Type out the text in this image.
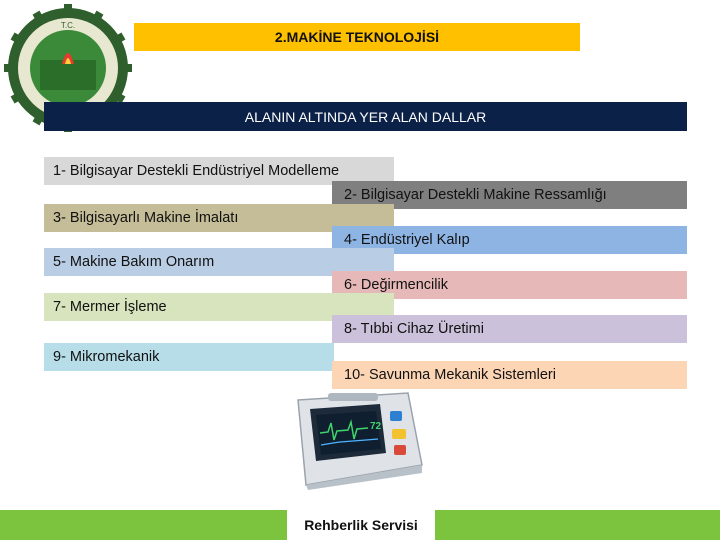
T.C.
2.MAKİNE TEKNOLOJİSİ
ALANIN ALTINDA YER ALAN DALLAR
1- Bilgisayar Destekli Endüstriyel Modelleme
2- Bilgisayar Destekli Makine Ressamlığı
3- Bilgisayarlı Makine İmalatı
4- Endüstriyel Kalıp
5- Makine Bakım Onarım
6- Değirmencilik
7- Mermer İşleme
8- Tıbbi Cihaz Üretimi
9- Mikromekanik
10- Savunma Mekanik Sistemleri
72
Rehberlik Servisi
